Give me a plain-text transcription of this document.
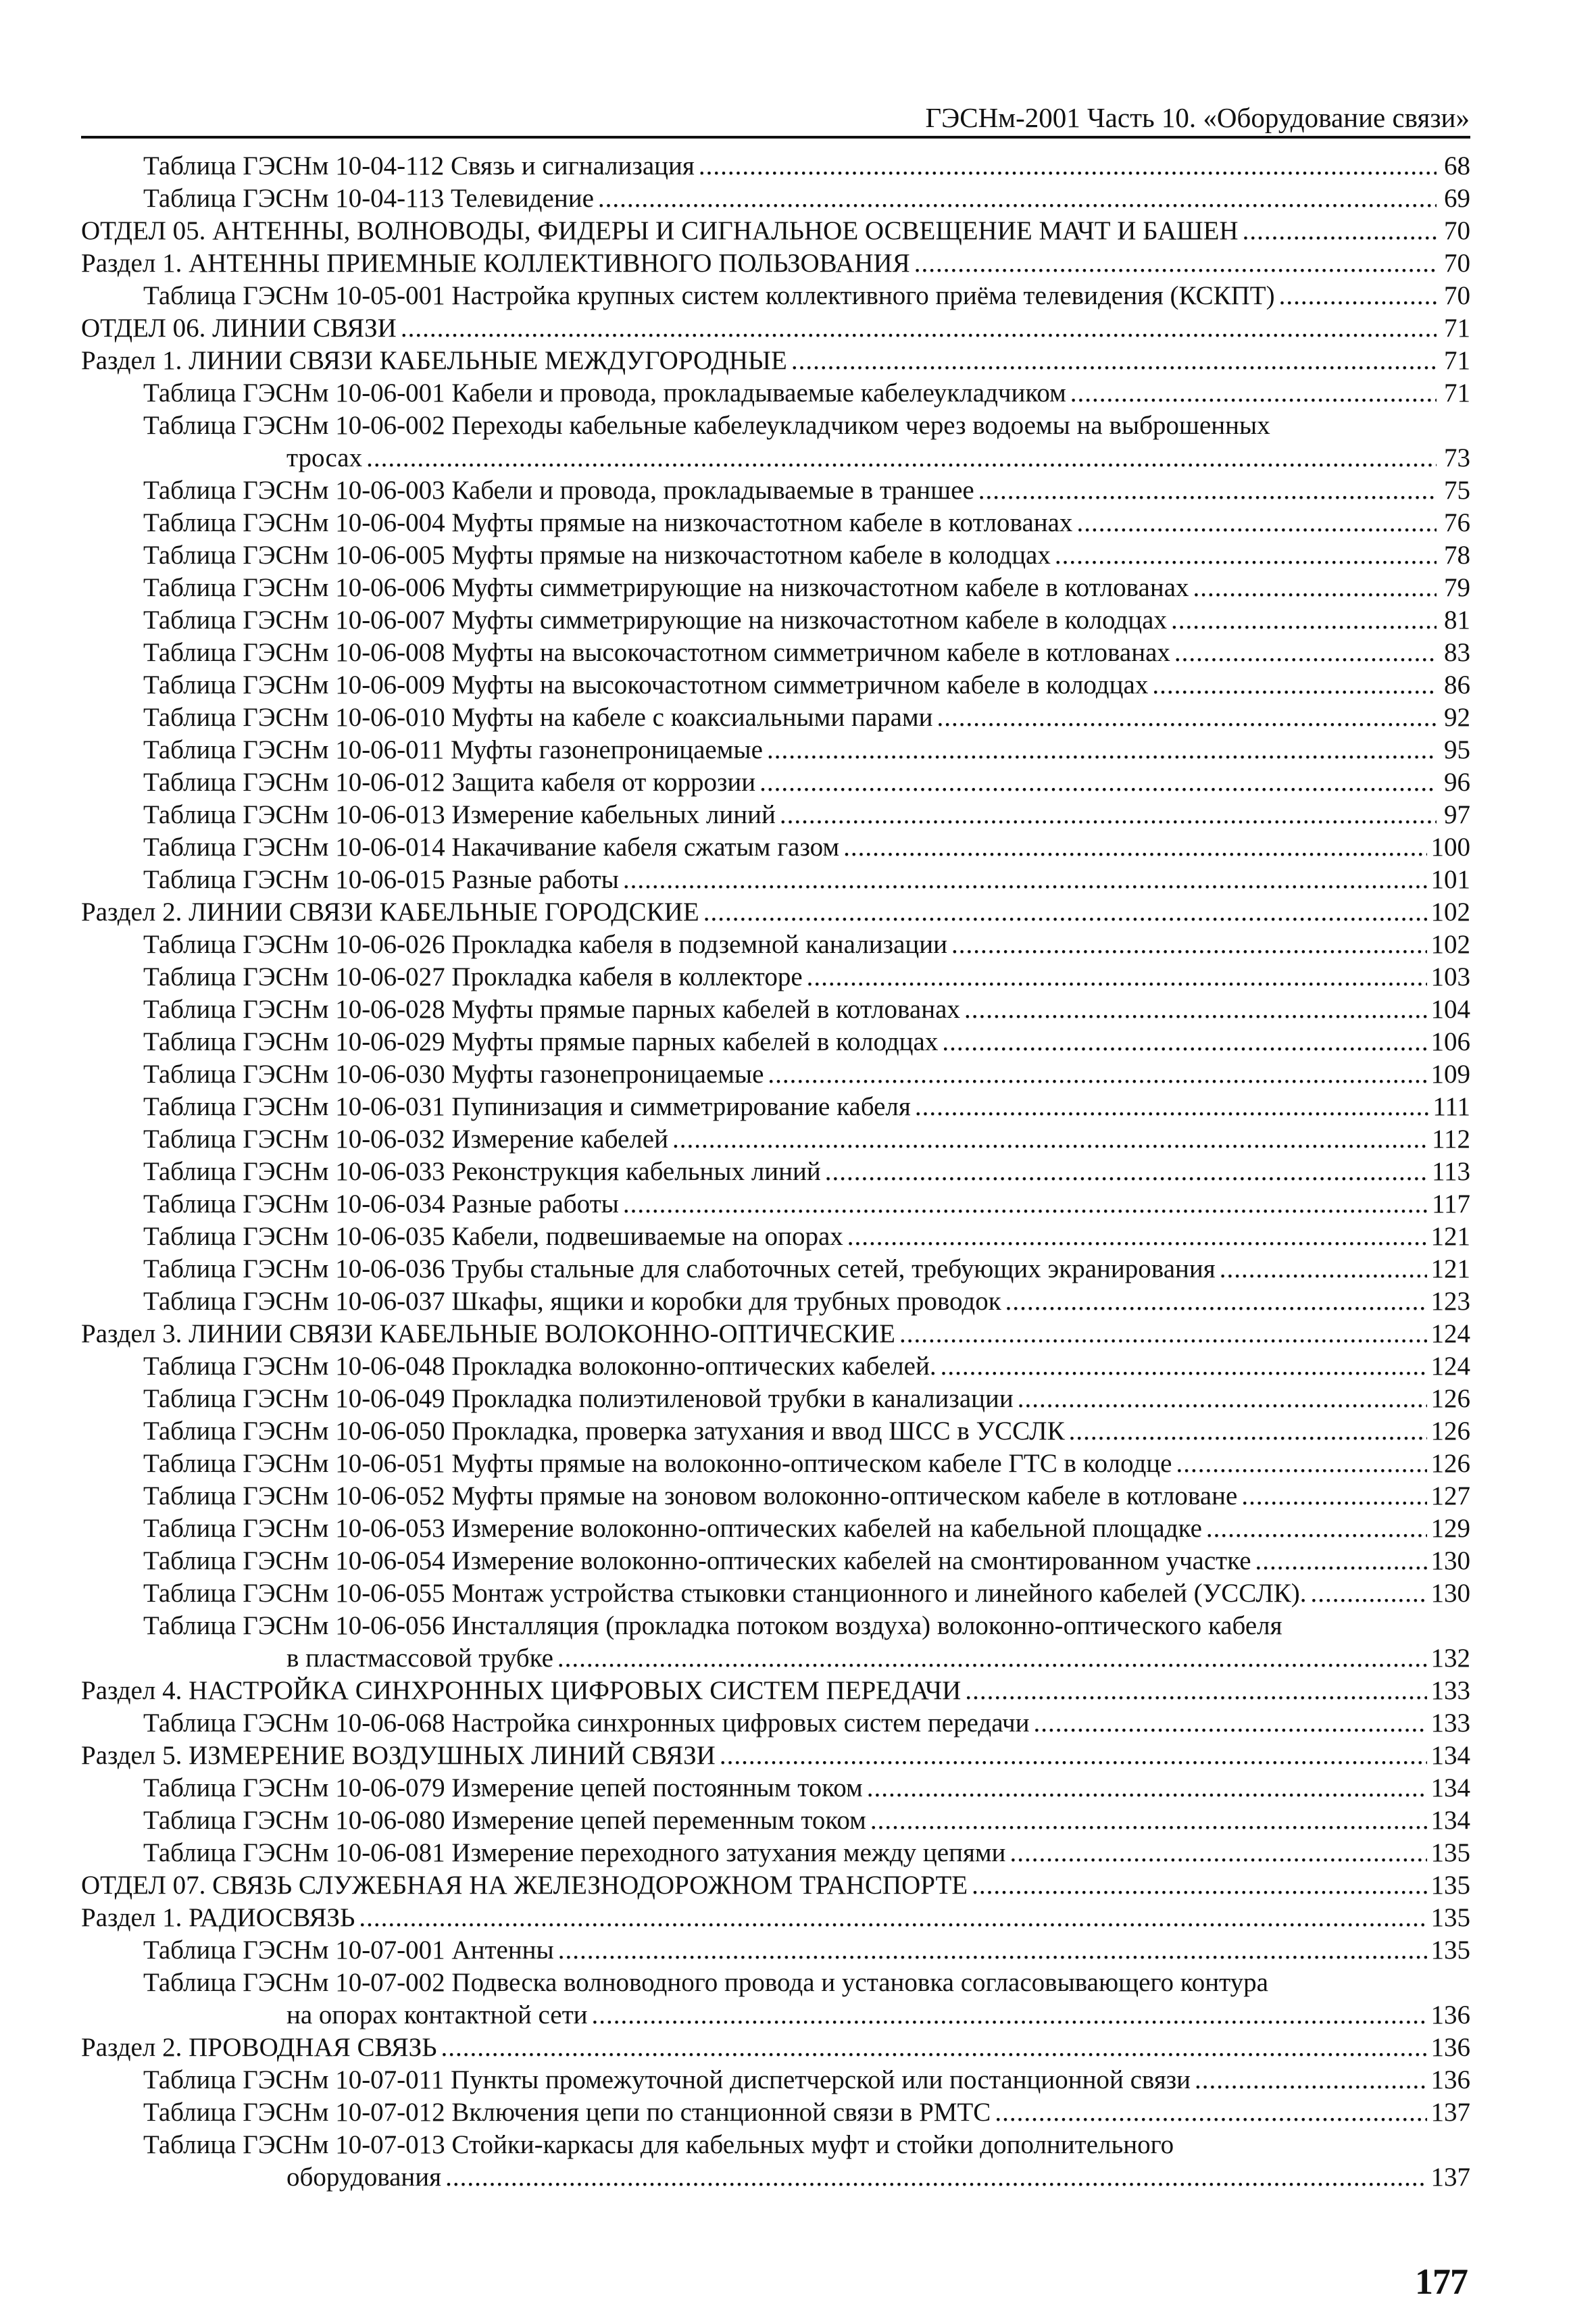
ГЭСНм-2001 Часть 10. «Оборудование связи»
Таблица ГЭСНм 10-04-112 Связь и сигнализация .....	68
Таблица ГЭСНм 10-04-113 Телевидение .....	69
ОТДЕЛ 05. АНТЕННЫ, ВОЛНОВОДЫ, ФИДЕРЫ И СИГНАЛЬНОЕ ОСВЕЩЕНИЕ МАЧТ И БАШЕН .....	70
Раздел 1. АНТЕННЫ ПРИЕМНЫЕ КОЛЛЕКТИВНОГО ПОЛЬЗОВАНИЯ .....	70
Таблица ГЭСНм 10-05-001 Настройка крупных систем коллективного приёма телевидения (КСКПТ) .....	70
ОТДЕЛ 06. ЛИНИИ СВЯЗИ .....	71
Раздел 1. ЛИНИИ СВЯЗИ КАБЕЛЬНЫЕ МЕЖДУГОРОДНЫЕ .....	71
Таблица ГЭСНм 10-06-001 Кабели и провода, прокладываемые кабелеукладчиком .....	71
Таблица ГЭСНм 10-06-002 Переходы кабельные кабелеукладчиком через водоемы на выброшенных
тросах .....	73
Таблица ГЭСНм 10-06-003 Кабели и провода, прокладываемые в траншее .....	75
Таблица ГЭСНм 10-06-004 Муфты прямые на низкочастотном кабеле в котлованах .....	76
Таблица ГЭСНм 10-06-005 Муфты прямые на низкочастотном кабеле в колодцах .....	78
Таблица ГЭСНм 10-06-006 Муфты симметрирующие на низкочастотном кабеле в котлованах .....	79
Таблица ГЭСНм 10-06-007 Муфты симметрирующие на низкочастотном кабеле в колодцах .....	81
Таблица ГЭСНм 10-06-008 Муфты на высокочастотном симметричном кабеле в котлованах .....	83
Таблица ГЭСНм 10-06-009 Муфты на высокочастотном симметричном кабеле в колодцах .....	86
Таблица ГЭСНм 10-06-010 Муфты на кабеле с коаксиальными парами .....	92
Таблица ГЭСНм 10-06-011 Муфты газонепроницаемые .....	95
Таблица ГЭСНм 10-06-012 Защита кабеля от коррозии .....	96
Таблица ГЭСНм 10-06-013 Измерение кабельных линий .....	97
Таблица ГЭСНм 10-06-014 Накачивание кабеля сжатым газом .....	100
Таблица ГЭСНм 10-06-015 Разные работы .....	101
Раздел 2. ЛИНИИ СВЯЗИ КАБЕЛЬНЫЕ ГОРОДСКИЕ .....	102
Таблица ГЭСНм 10-06-026 Прокладка кабеля в подземной канализации .....	102
Таблица ГЭСНм 10-06-027 Прокладка кабеля в коллекторе .....	103
Таблица ГЭСНм 10-06-028 Муфты прямые парных кабелей в котлованах .....	104
Таблица ГЭСНм 10-06-029 Муфты прямые парных кабелей в колодцах .....	106
Таблица ГЭСНм 10-06-030 Муфты газонепроницаемые .....	109
Таблица ГЭСНм 10-06-031 Пупинизация и симметрирование кабеля .....	111
Таблица ГЭСНм 10-06-032 Измерение кабелей .....	112
Таблица ГЭСНм 10-06-033 Реконструкция кабельных линий .....	113
Таблица ГЭСНм 10-06-034 Разные работы .....	117
Таблица ГЭСНм 10-06-035 Кабели, подвешиваемые на опорах .....	121
Таблица ГЭСНм 10-06-036 Трубы стальные для слаботочных сетей, требующих экранирования .....	121
Таблица ГЭСНм 10-06-037 Шкафы, ящики и коробки для трубных проводок .....	123
Раздел 3. ЛИНИИ СВЯЗИ КАБЕЛЬНЫЕ ВОЛОКОННО-ОПТИЧЕСКИЕ .....	124
Таблица ГЭСНм 10-06-048 Прокладка волоконно-оптических кабелей. .....	124
Таблица ГЭСНм 10-06-049 Прокладка полиэтиленовой трубки в канализации .....	126
Таблица ГЭСНм 10-06-050 Прокладка, проверка затухания и ввод ШСС в УССЛК .....	126
Таблица ГЭСНм 10-06-051 Муфты прямые на волоконно-оптическом кабеле ГТС в колодце .....	126
Таблица ГЭСНм 10-06-052 Муфты прямые на зоновом волоконно-оптическом кабеле в котловане .....	127
Таблица ГЭСНм 10-06-053 Измерение волоконно-оптических кабелей на кабельной площадке .....	129
Таблица ГЭСНм 10-06-054 Измерение волоконно-оптических кабелей на смонтированном участке .....	130
Таблица ГЭСНм 10-06-055 Монтаж устройства стыковки станционного и линейного кабелей (УССЛК). .....	130
Таблица ГЭСНм 10-06-056 Инсталляция (прокладка потоком воздуха) волоконно-оптического кабеля
в пластмассовой трубке .....	132
Раздел 4. НАСТРОЙКА СИНХРОННЫХ ЦИФРОВЫХ СИСТЕМ ПЕРЕДАЧИ .....	133
Таблица ГЭСНм 10-06-068 Настройка синхронных цифровых систем передачи .....	133
Раздел 5. ИЗМЕРЕНИЕ ВОЗДУШНЫХ ЛИНИЙ СВЯЗИ .....	134
Таблица ГЭСНм 10-06-079 Измерение цепей постоянным током .....	134
Таблица ГЭСНм 10-06-080 Измерение цепей переменным током .....	134
Таблица ГЭСНм 10-06-081 Измерение переходного затухания между цепями .....	135
ОТДЕЛ 07. СВЯЗЬ СЛУЖЕБНАЯ НА ЖЕЛЕЗНОДОРОЖНОМ ТРАНСПОРТЕ .....	135
Раздел 1. РАДИОСВЯЗЬ .....	135
Таблица ГЭСНм 10-07-001 Антенны .....	135
Таблица ГЭСНм 10-07-002 Подвеска волноводного провода и установка согласовывающего контура
на опорах контактной сети .....	136
Раздел 2. ПРОВОДНАЯ СВЯЗЬ .....	136
Таблица ГЭСНм 10-07-011 Пункты промежуточной диспетчерской или постанционной связи .....	136
Таблица ГЭСНм 10-07-012 Включения цепи по станционной связи в РМТС .....	137
Таблица ГЭСНм 10-07-013 Стойки-каркасы для кабельных муфт и стойки дополнительного
оборудования .....	137
177
